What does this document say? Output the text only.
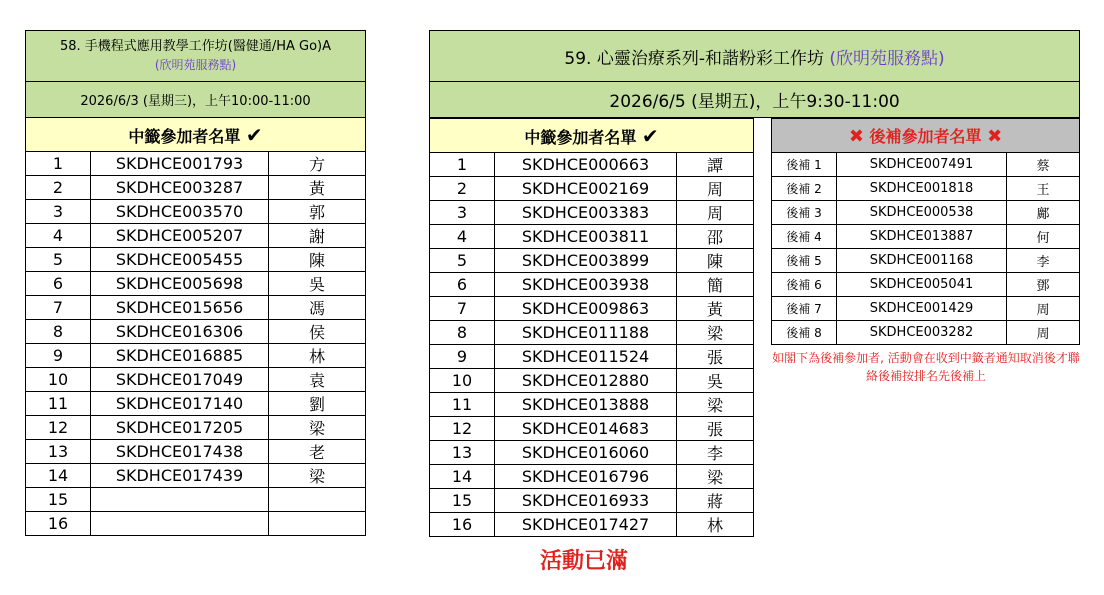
58. 手機程式應用教學工作坊(醫健通/HA Go)A
(欣明苑服務點)		

2026/6/3 (星期三)，上午10:00-11:00		
中籤參加者名單 ✔		
1	SKDHCE001793	方
2	SKDHCE003287	黃
3	SKDHCE003570	郭
4	SKDHCE005207	謝
5	SKDHCE005455	陳
6	SKDHCE005698	吳
7	SKDHCE015656	馮
8	SKDHCE016306	侯
9	SKDHCE016885	林
10	SKDHCE017049	袁
11	SKDHCE017140	劉
12	SKDHCE017205	梁
13	SKDHCE017438	老
14	SKDHCE017439	梁
15		
16		
59. 心靈治療系列-和諧粉彩工作坊 (欣明苑服務點)
2026/6/5 (星期五)，上午9:30-11:00
中籤參加者名單 ✔		
1	SKDHCE000663	譚
2	SKDHCE002169	周
3	SKDHCE003383	周
4	SKDHCE003811	邵
5	SKDHCE003899	陳
6	SKDHCE003938	簡
7	SKDHCE009863	黃
8	SKDHCE011188	梁
9	SKDHCE011524	張
10	SKDHCE012880	吳
11	SKDHCE013888	梁
12	SKDHCE014683	張
13	SKDHCE016060	李
14	SKDHCE016796	梁
15	SKDHCE016933	蔣
16	SKDHCE017427	林
✖ 後補參加者名單 ✖		
後補 1	SKDHCE007491	蔡
後補 2	SKDHCE001818	王
後補 3	SKDHCE000538	鄺
後補 4	SKDHCE013887	何
後補 5	SKDHCE001168	李
後補 6	SKDHCE005041	鄧
後補 7	SKDHCE001429	周
後補 8	SKDHCE003282	周
如閣下為後補參加者, 活動會在收到中籤者通知取消後才聯絡後補按排名先後補上
活動已滿
